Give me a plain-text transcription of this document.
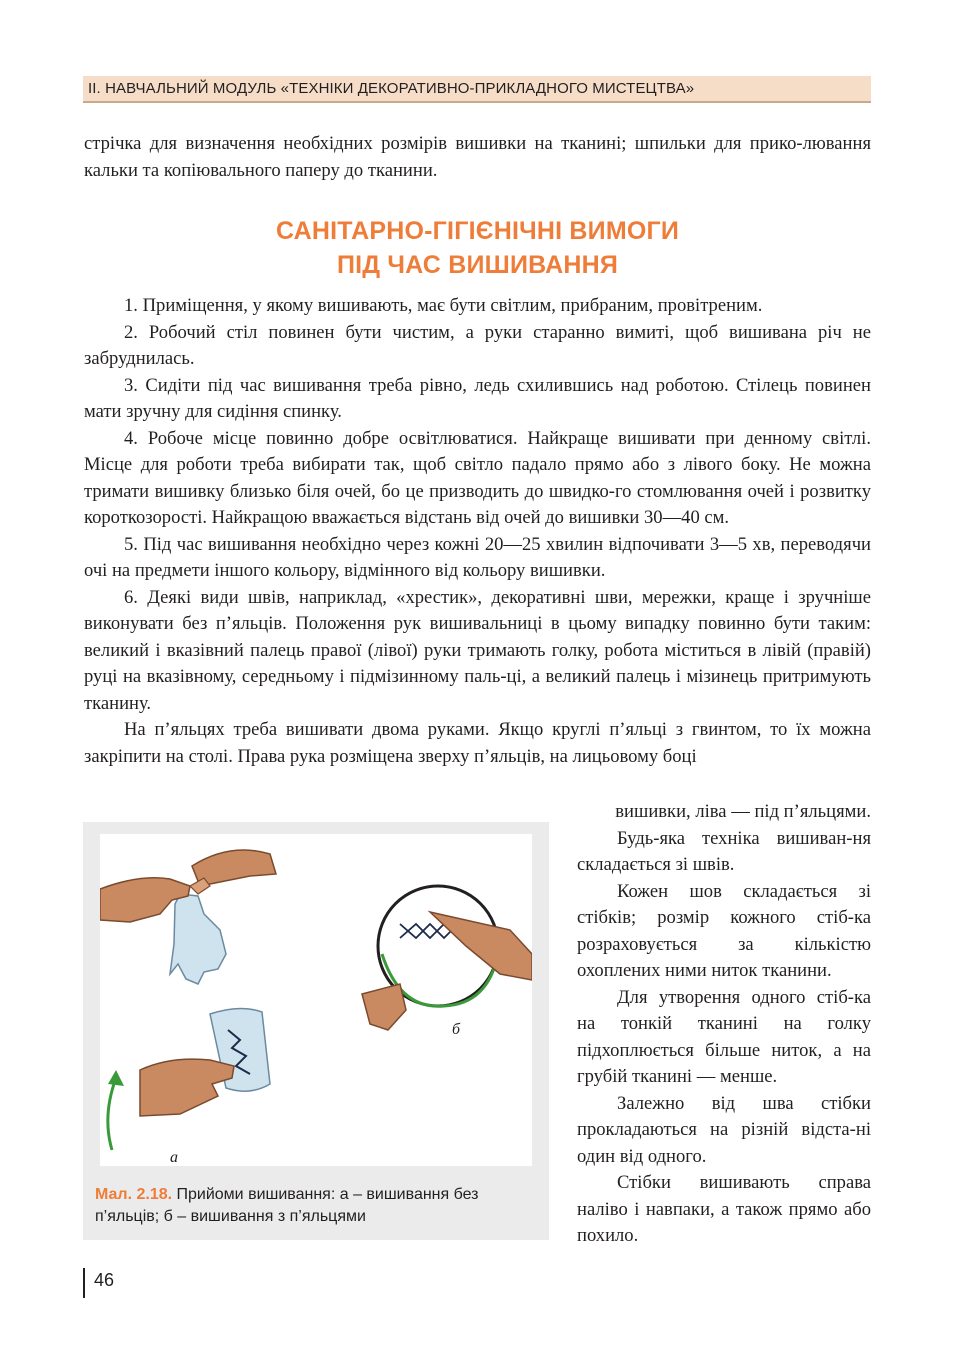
II. НАВЧАЛЬНИЙ МОДУЛЬ «ТЕХНІКИ ДЕКОРАТИВНО-ПРИКЛАДНОГО МИСТЕЦТВА»

стрічка для визначення необхідних розмірів вишивки на тканині; шпильки для прико-лювання кальки та копіювального паперу до тканини.

САНІТАРНО-ГІГІЄНІЧНІ ВИМОГИ
ПІД ЧАС ВИШИВАННЯ

1. Приміщення, у якому вишивають, має бути світлим, прибраним, провітреним.

2. Робочий стіл повинен бути чистим, а руки старанно вимиті, щоб вишивана річ не забруднилась.

3. Сидіти під час вишивання треба рівно, ледь схилившись над роботою. Стілець повинен мати зручну для сидіння спинку.

4. Робоче місце повинно добре освітлюватися. Найкраще вишивати при денному світлі. Місце для роботи треба вибирати так, щоб світло падало прямо або з лівого боку. Не можна тримати вишивку близько біля очей, бо це призводить до швидко-го стомлювання очей і розвитку короткозорості. Найкращою вважається відстань від очей до вишивки 30—40 см.

5. Під час вишивання необхідно через кожні 20—25 хвилин відпочивати 3—5 хв, переводячи очі на предмети іншого кольору, відмінного від кольору вишивки.

6. Деякі види швів, наприклад, «хрестик», декоративні шви, мережки, краще і зручніше виконувати без п’яльців. Положення рук вишивальниці в цьому випадку повинно бути таким: великий і вказівний палець правої (лівої) руки тримають голку, робота міститься в лівій (правій) руці на вказівному, середньому і підмізинному паль-ці, а великий палець і мізинець притримують тканину.

На п’яльцях треба вишивати двома руками. Якщо круглі п’яльці з гвинтом, то їх можна закріпити на столі. Права рука розміщена зверху п’яльців, на лицьовому боці

вишивки, ліва — під п’яльцями.

Будь-яка техніка вишиван-ня складається зі швів.

Кожен шов складається зі стібків; розмір кожного стіб-ка розраховується за кількістю охоплених ними ниток тканини.

Для утворення одного стіб-ка на тонкій тканині на голку підхоплюється більше ниток, а на грубій тканині — менше.

Залежно від шва стібки прокладаються на різній відста-ні один від одного.

Стібки вишивають справа наліво і навпаки, а також прямо або похило.

а
б
Мал. 2.18. Прийоми вишивання: а – вишивання без п’яльців; б – вишивання з п’яльцями
46
